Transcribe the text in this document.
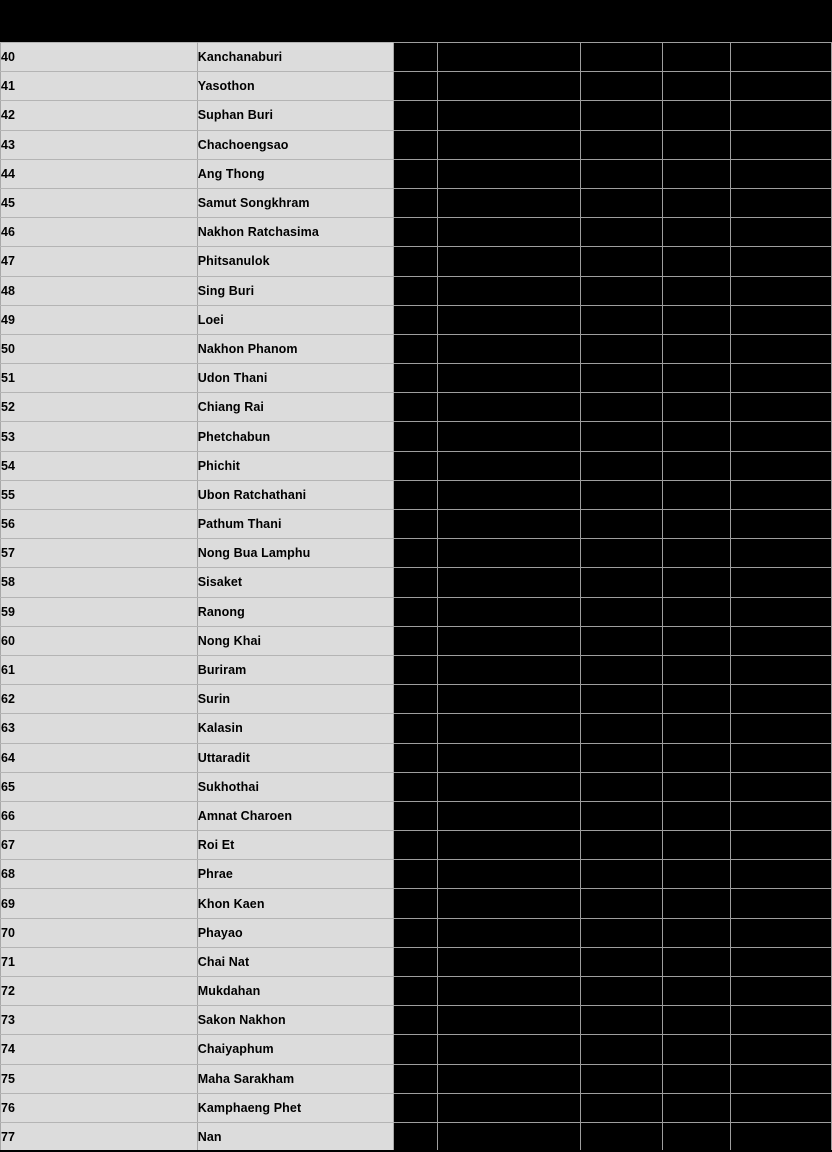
40	Kanchanaburi					
41	Yasothon					
42	Suphan Buri					
43	Chachoengsao					
44	Ang Thong					
45	Samut Songkhram					
46	Nakhon Ratchasima					
47	Phitsanulok					
48	Sing Buri					
49	Loei					
50	Nakhon Phanom					
51	Udon Thani					
52	Chiang Rai					
53	Phetchabun					
54	Phichit					
55	Ubon Ratchathani					
56	Pathum Thani					
57	Nong Bua Lamphu					
58	Sisaket					
59	Ranong					
60	Nong Khai					
61	Buriram					
62	Surin					
63	Kalasin					
64	Uttaradit					
65	Sukhothai					
66	Amnat Charoen					
67	Roi Et					
68	Phrae					
69	Khon Kaen					
70	Phayao					
71	Chai Nat					
72	Mukdahan					
73	Sakon Nakhon					
74	Chaiyaphum					
75	Maha Sarakham					
76	Kamphaeng Phet					
77	Nan					
